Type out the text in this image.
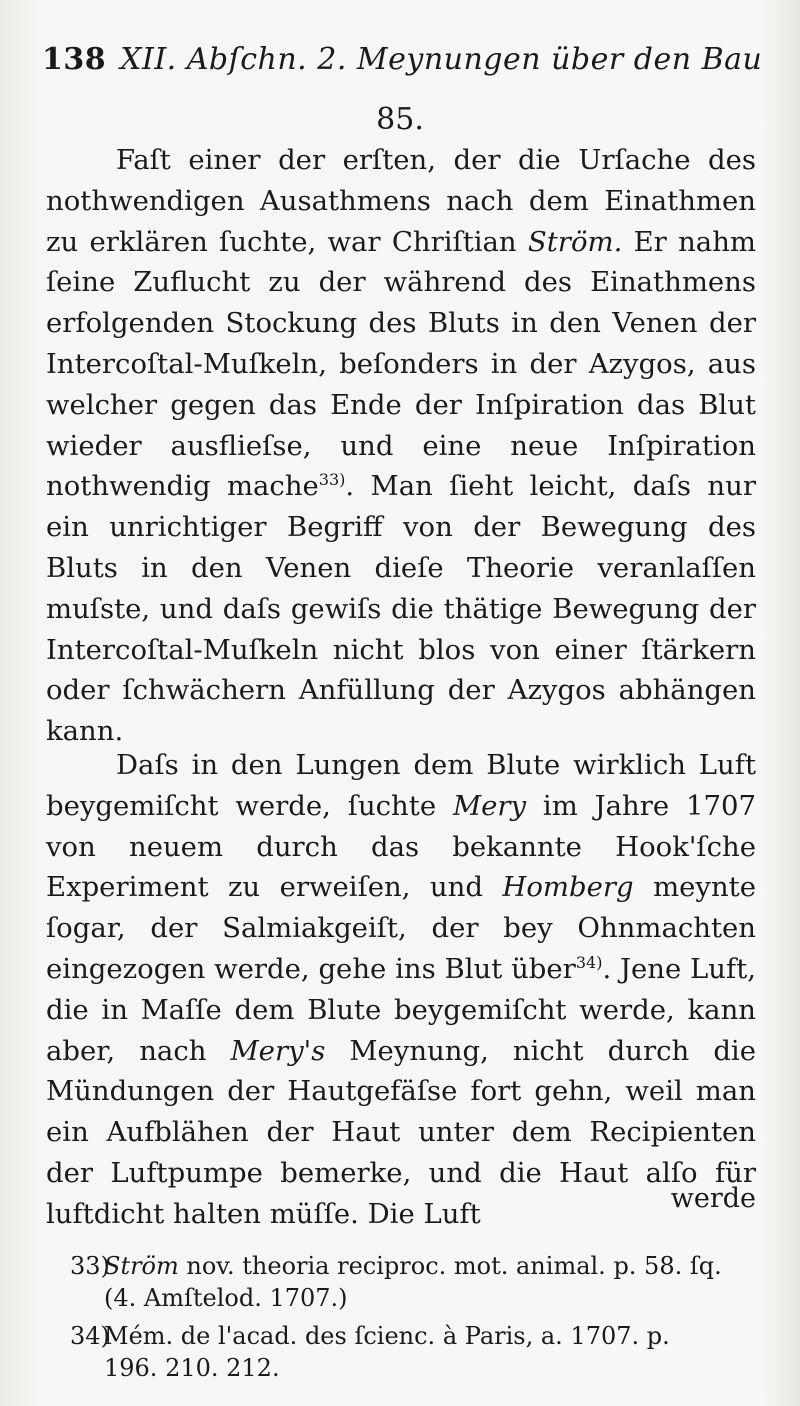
138 XII. Abſchn. 2. Meynungen über den Bau
85.
Faſt einer der erſten, der die Urſache des nothwendigen Ausathmens nach dem Einathmen zu erklären ſuchte, war Chriſtian Ström. Er nahm ſeine Zuflucht zu der während des Einathmens erfolgenden Stockung des Bluts in den Venen der Intercoſtal-Muſkeln, beſonders in der Azygos, aus welcher gegen das Ende der Inſpiration das Blut wieder ausflieſse, und eine neue Inſpiration nothwendig mache$^{33)}$. Man ſieht leicht, daſs nur ein unrichtiger Begriff von der Bewegung des Bluts in den Venen dieſe Theorie veranlaſſen muſste, und daſs gewiſs die thätige Bewegung der Intercoſtal-Muſkeln nicht blos von einer ſtärkern oder ſchwächern Anfüllung der Azygos abhängen kann.
Daſs in den Lungen dem Blute wirklich Luft beygemiſcht werde, ſuchte Mery im Jahre 1707 von neuem durch das bekannte Hook'ſche Experiment zu erweiſen, und Homberg meynte ſogar, der Salmiakgeiſt, der bey Ohnmachten eingezogen werde, gehe ins Blut über$^{34)}$. Jene Luft, die in Maſſe dem Blute beygemiſcht werde, kann aber, nach Mery's Meynung, nicht durch die Mündungen der Hautgefäſse fort gehn, weil man ein Aufblähen der Haut unter dem Recipienten der Luftpumpe bemerke, und die Haut alſo für luftdicht halten müſſe. Die Luft	werde
33)Ström nov. theoria reciproc. mot. animal. p. 58. ſq.
(4. Amſtelod. 1707.)
34)Mém. de l'acad. des ſcienc. à Paris, a. 1707. p.
196. 210. 212.
